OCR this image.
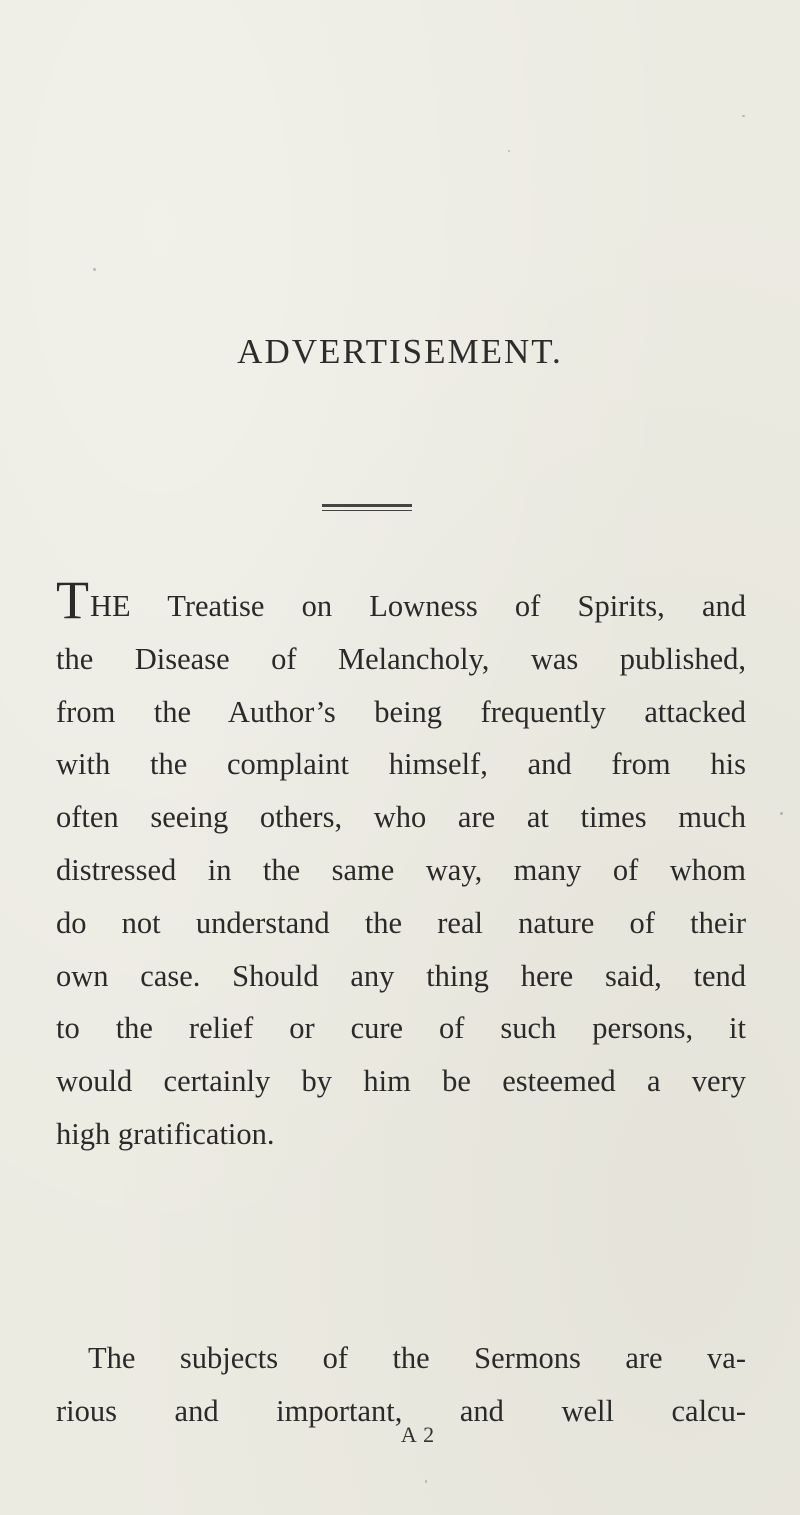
ADVERTISEMENT.
THE Treatise on Lowness of Spirits, and
the Disease of Melancholy, was published,
from the Author’s being frequently attacked
with the complaint himself, and from his
often seeing others, who are at times much
distressed in the same way, many of whom
do not understand the real nature of their
own case. Should any thing here said, tend
to the relief or cure of such persons, it
would certainly by him be esteemed a very
high gratification.
The subjects of the Sermons are va-
rious and important, and well calcu-
A 2
